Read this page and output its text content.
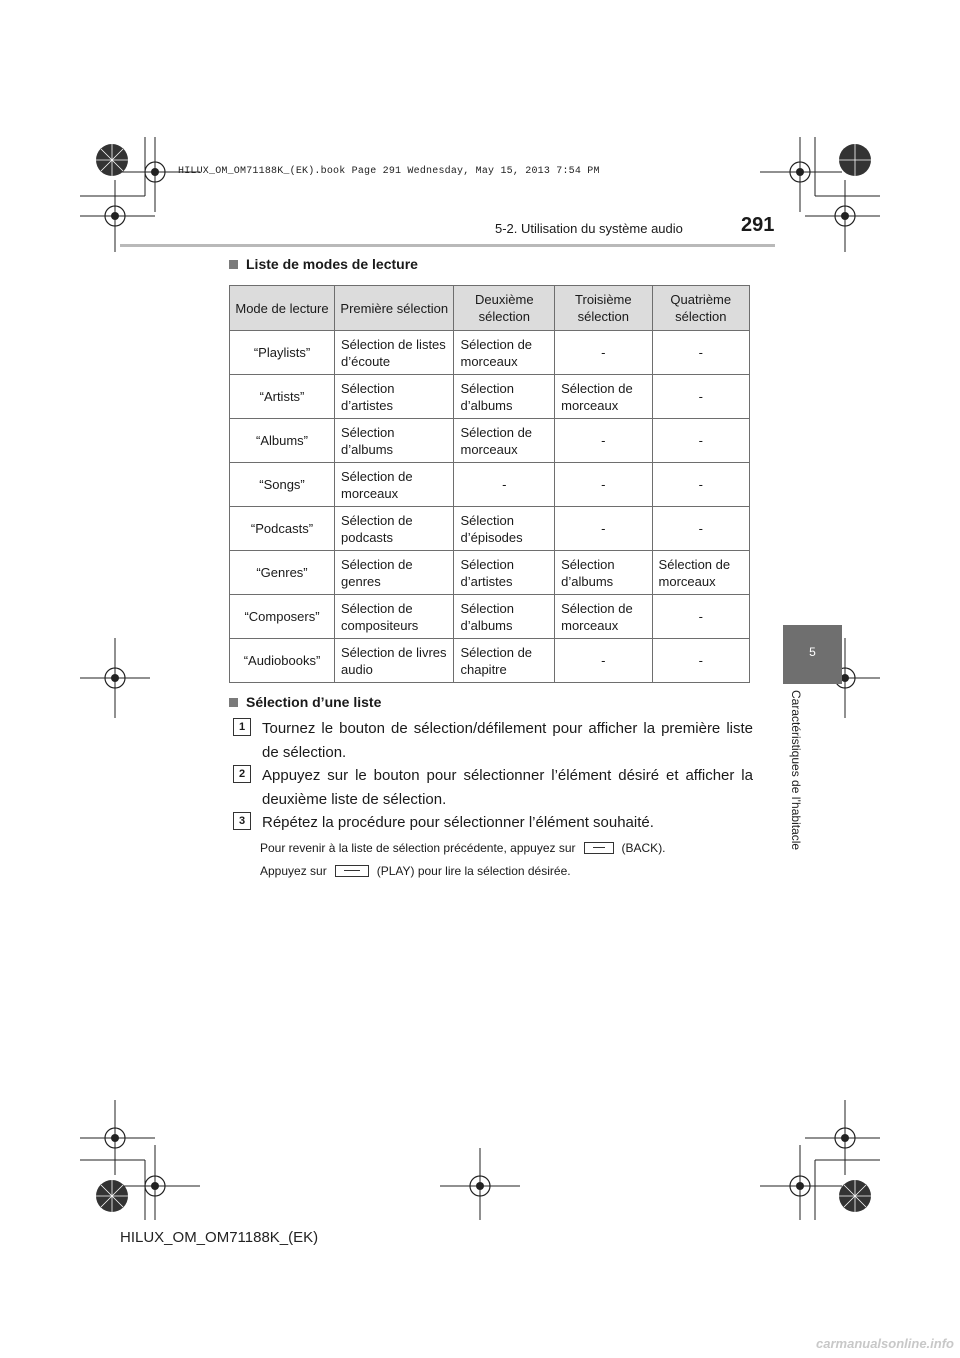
HILUX_OM_OM71188K_(EK).book Page 291 Wednesday, May 15, 2013 7:54 PM
5-2. Utilisation du système audio	291
5
Caractéristiques de l’habitacle
Liste de modes de lecture
Mode de lecture	Première sélection	Deuxième sélection	Troisième sélection	Quatrième sélection
“Playlists”	Sélection de listes d’écoute	Sélection de morceaux	-	-
“Artists”	Sélection d’artistes	Sélection d’albums	Sélection de morceaux	-
“Albums”	Sélection d’albums	Sélection de morceaux	-	-
“Songs”	Sélection de morceaux	-	-	-
“Podcasts”	Sélection de podcasts	Sélection d’épisodes	-	-
“Genres”	Sélection de genres	Sélection d’artistes	Sélection d’albums	Sélection de morceaux
“Composers”	Sélection de compositeurs	Sélection d’albums	Sélection de morceaux	-
“Audiobooks”	Sélection de livres audio	Sélection de chapitre	-	-
Sélection d’une liste
1	Tournez le bouton de sélection/défilement pour afficher la première liste de sélection.
2	Appuyez sur le bouton pour sélectionner l’élément désiré et afficher la deuxième liste de sélection.
3	Répétez la procédure pour sélectionner l’élément souhaité.
Pour revenir à la liste de sélection précédente, appuyez sur	(BACK).
Appuyez sur	(PLAY) pour lire la sélection désirée.
HILUX_OM_OM71188K_(EK)
carmanualsonline.info
